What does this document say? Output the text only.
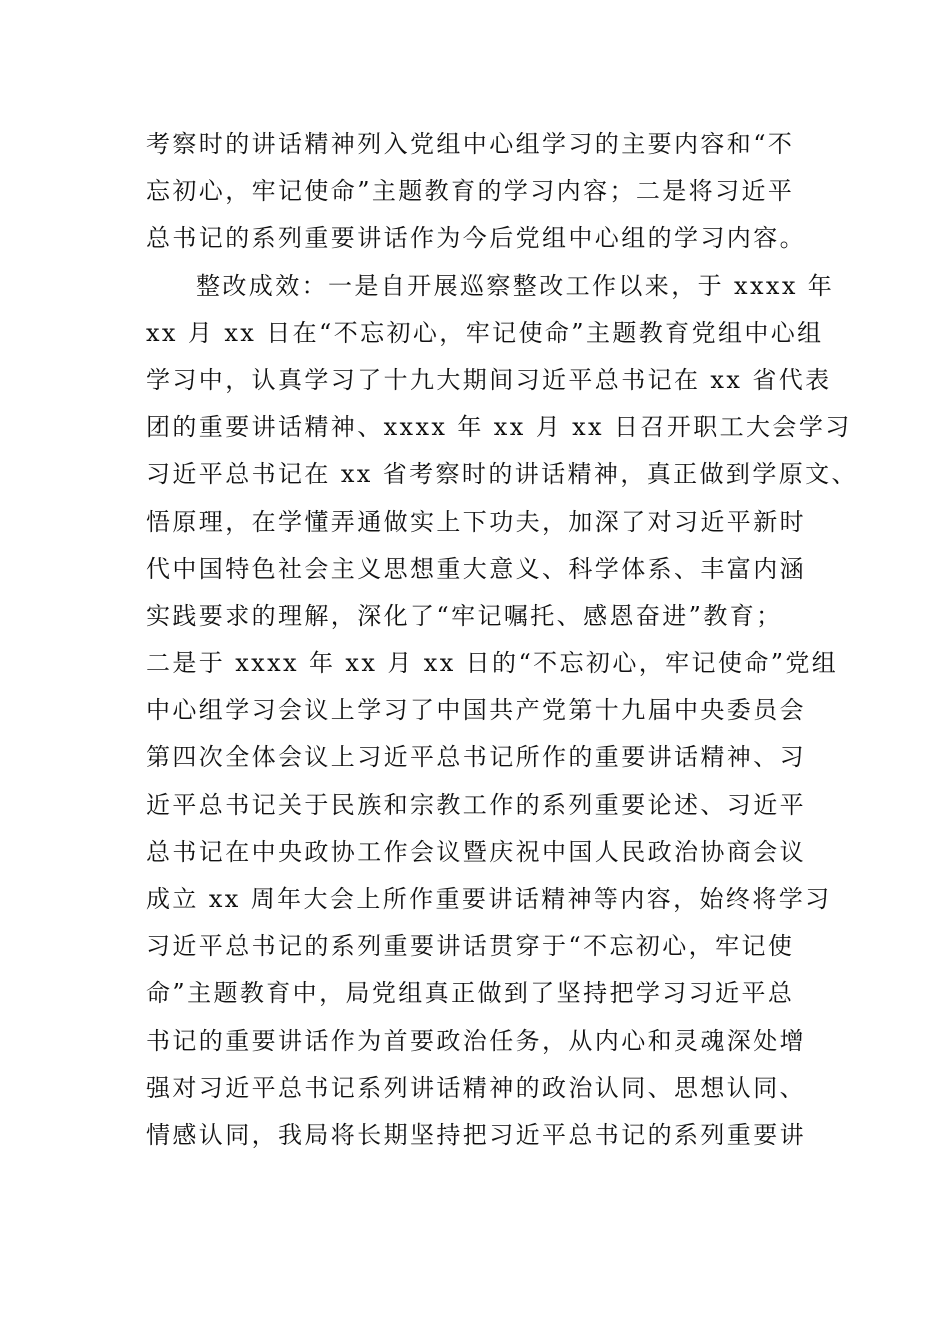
考察时的讲话精神列入党组中心组学习的主要内容和“不
忘初心，牢记使命”主题教育的学习内容；二是将习近平
总书记的系列重要讲话作为今后党组中心组的学习内容。
整改成效：一是自开展巡察整改工作以来，于 xxxx 年
xx 月 xx 日在“不忘初心，牢记使命”主题教育党组中心组
学习中，认真学习了十九大期间习近平总书记在 xx 省代表
团的重要讲话精神、xxxx 年 xx 月 xx 日召开职工大会学习
习近平总书记在 xx 省考察时的讲话精神，真正做到学原文、
悟原理，在学懂弄通做实上下功夫，加深了对习近平新时
代中国特色社会主义思想重大意义、科学体系、丰富内涵
实践要求的理解，深化了“牢记嘱托、感恩奋进”教育；
二是于 xxxx 年 xx 月 xx 日的“不忘初心，牢记使命”党组
中心组学习会议上学习了中国共产党第十九届中央委员会
第四次全体会议上习近平总书记所作的重要讲话精神、习
近平总书记关于民族和宗教工作的系列重要论述、习近平
总书记在中央政协工作会议暨庆祝中国人民政治协商会议
成立 xx 周年大会上所作重要讲话精神等内容，始终将学习
习近平总书记的系列重要讲话贯穿于“不忘初心，牢记使
命”主题教育中，局党组真正做到了坚持把学习习近平总
书记的重要讲话作为首要政治任务，从内心和灵魂深处增
强对习近平总书记系列讲话精神的政治认同、思想认同、
情感认同，我局将长期坚持把习近平总书记的系列重要讲
